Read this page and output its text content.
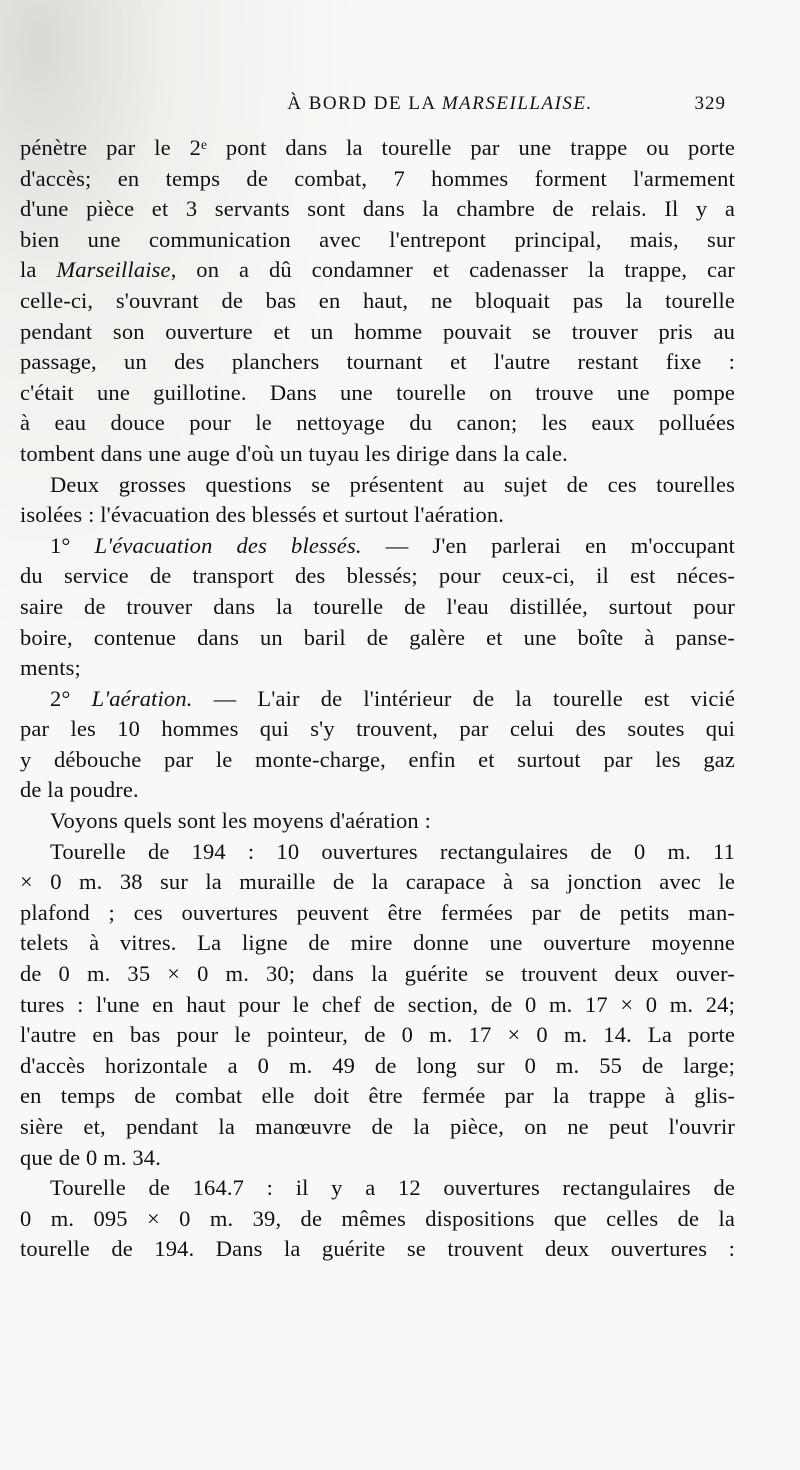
À BORD DE LA MARSEILLAISE.	329
pénètre par le 2ᵉ pont dans la tourelle par une trappe ou porte
d'accès; en temps de combat, 7 hommes forment l'armement
d'une pièce et 3 servants sont dans la chambre de relais. Il y a
bien une communication avec l'entrepont principal, mais, sur
la Marseillaise, on a dû condamner et cadenasser la trappe, car
celle-ci, s'ouvrant de bas en haut, ne bloquait pas la tourelle
pendant son ouverture et un homme pouvait se trouver pris au
passage, un des planchers tournant et l'autre restant fixe :
c'était une guillotine. Dans une tourelle on trouve une pompe
à eau douce pour le nettoyage du canon; les eaux polluées
tombent dans une auge d'où un tuyau les dirige dans la cale.
Deux grosses questions se présentent au sujet de ces tourelles
isolées : l'évacuation des blessés et surtout l'aération.
1° L'évacuation des blessés. — J'en parlerai en m'occupant
du service de transport des blessés; pour ceux-ci, il est néces-
saire de trouver dans la tourelle de l'eau distillée, surtout pour
boire, contenue dans un baril de galère et une boîte à panse-
ments;
2° L'aération. — L'air de l'intérieur de la tourelle est vicié
par les 10 hommes qui s'y trouvent, par celui des soutes qui
y débouche par le monte-charge, enfin et surtout par les gaz
de la poudre.
Voyons quels sont les moyens d'aération :
Tourelle de 194 : 10 ouvertures rectangulaires de 0 m. 11
× 0 m. 38 sur la muraille de la carapace à sa jonction avec le
plafond ; ces ouvertures peuvent être fermées par de petits man-
telets à vitres. La ligne de mire donne une ouverture moyenne
de 0 m. 35 × 0 m. 30; dans la guérite se trouvent deux ouver-
tures : l'une en haut pour le chef de section, de 0 m. 17 × 0 m. 24;
l'autre en bas pour le pointeur, de 0 m. 17 × 0 m. 14. La porte
d'accès horizontale a 0 m. 49 de long sur 0 m. 55 de large;
en temps de combat elle doit être fermée par la trappe à glis-
sière et, pendant la manœuvre de la pièce, on ne peut l'ouvrir
que de 0 m. 34.
Tourelle de 164.7 : il y a 12 ouvertures rectangulaires de
0 m. 095 × 0 m. 39, de mêmes dispositions que celles de la
tourelle de 194. Dans la guérite se trouvent deux ouvertures :
